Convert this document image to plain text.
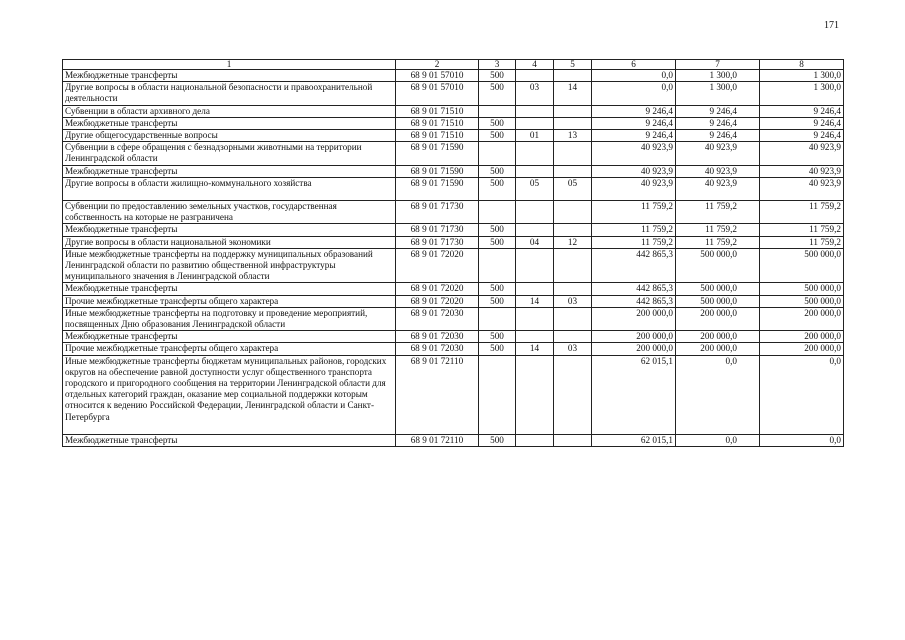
171
1	2	3	4	5	6	7	8
Межбюджетные трансферты	68 9 01 57010	500			0,0	1 300,0	1 300,0
Другие вопросы в области национальной безопасности и правоохранительной деятельности	68 9 01 57010	500	03	14	0,0	1 300,0	1 300,0
Субвенции в области архивного дела	68 9 01 71510				9 246,4	9 246,4	9 246,4
Межбюджетные трансферты	68 9 01 71510	500			9 246,4	9 246,4	9 246,4
Другие общегосударственные вопросы	68 9 01 71510	500	01	13	9 246,4	9 246,4	9 246,4
Субвенции в сфере обращения с безнадзорными животными на территории Ленинградской области	68 9 01 71590				40 923,9	40 923,9	40 923,9
Межбюджетные трансферты	68 9 01 71590	500			40 923,9	40 923,9	40 923,9
Другие вопросы в области жилищно-коммунального хозяйства	68 9 01 71590	500	05	05	40 923,9	40 923,9	40 923,9
Субвенции по предоставлению земельных участков, государственная собственность на которые не разграничена	68 9 01 71730				11 759,2	11 759,2	11 759,2
Межбюджетные трансферты	68 9 01 71730	500			11 759,2	11 759,2	11 759,2
Другие вопросы в области национальной экономики	68 9 01 71730	500	04	12	11 759,2	11 759,2	11 759,2
Иные межбюджетные трансферты на поддержку муниципальных образований Ленинградской области по развитию общественной инфраструктуры муниципального значения в Ленинградской области	68 9 01 72020				442 865,3	500 000,0	500 000,0
Межбюджетные трансферты	68 9 01 72020	500			442 865,3	500 000,0	500 000,0
Прочие межбюджетные трансферты общего характера	68 9 01 72020	500	14	03	442 865,3	500 000,0	500 000,0
Иные межбюджетные трансферты на подготовку и проведение мероприятий, посвященных Дню образования Ленинградской области	68 9 01 72030				200 000,0	200 000,0	200 000,0
Межбюджетные трансферты	68 9 01 72030	500			200 000,0	200 000,0	200 000,0
Прочие межбюджетные трансферты общего характера	68 9 01 72030	500	14	03	200 000,0	200 000,0	200 000,0
Иные межбюджетные трансферты бюджетам муниципальных районов, городских округов на обеспечение равной доступности услуг общественного транспорта городского и пригородного сообщения на территории Ленинградской области для отдельных категорий граждан, оказание мер социальной поддержки которым относится к ведению Российской Федерации, Ленинградской области и Санкт-Петербурга	68 9 01 72110				62 015,1	0,0	0,0
Межбюджетные трансферты	68 9 01 72110	500			62 015,1	0,0	0,0
